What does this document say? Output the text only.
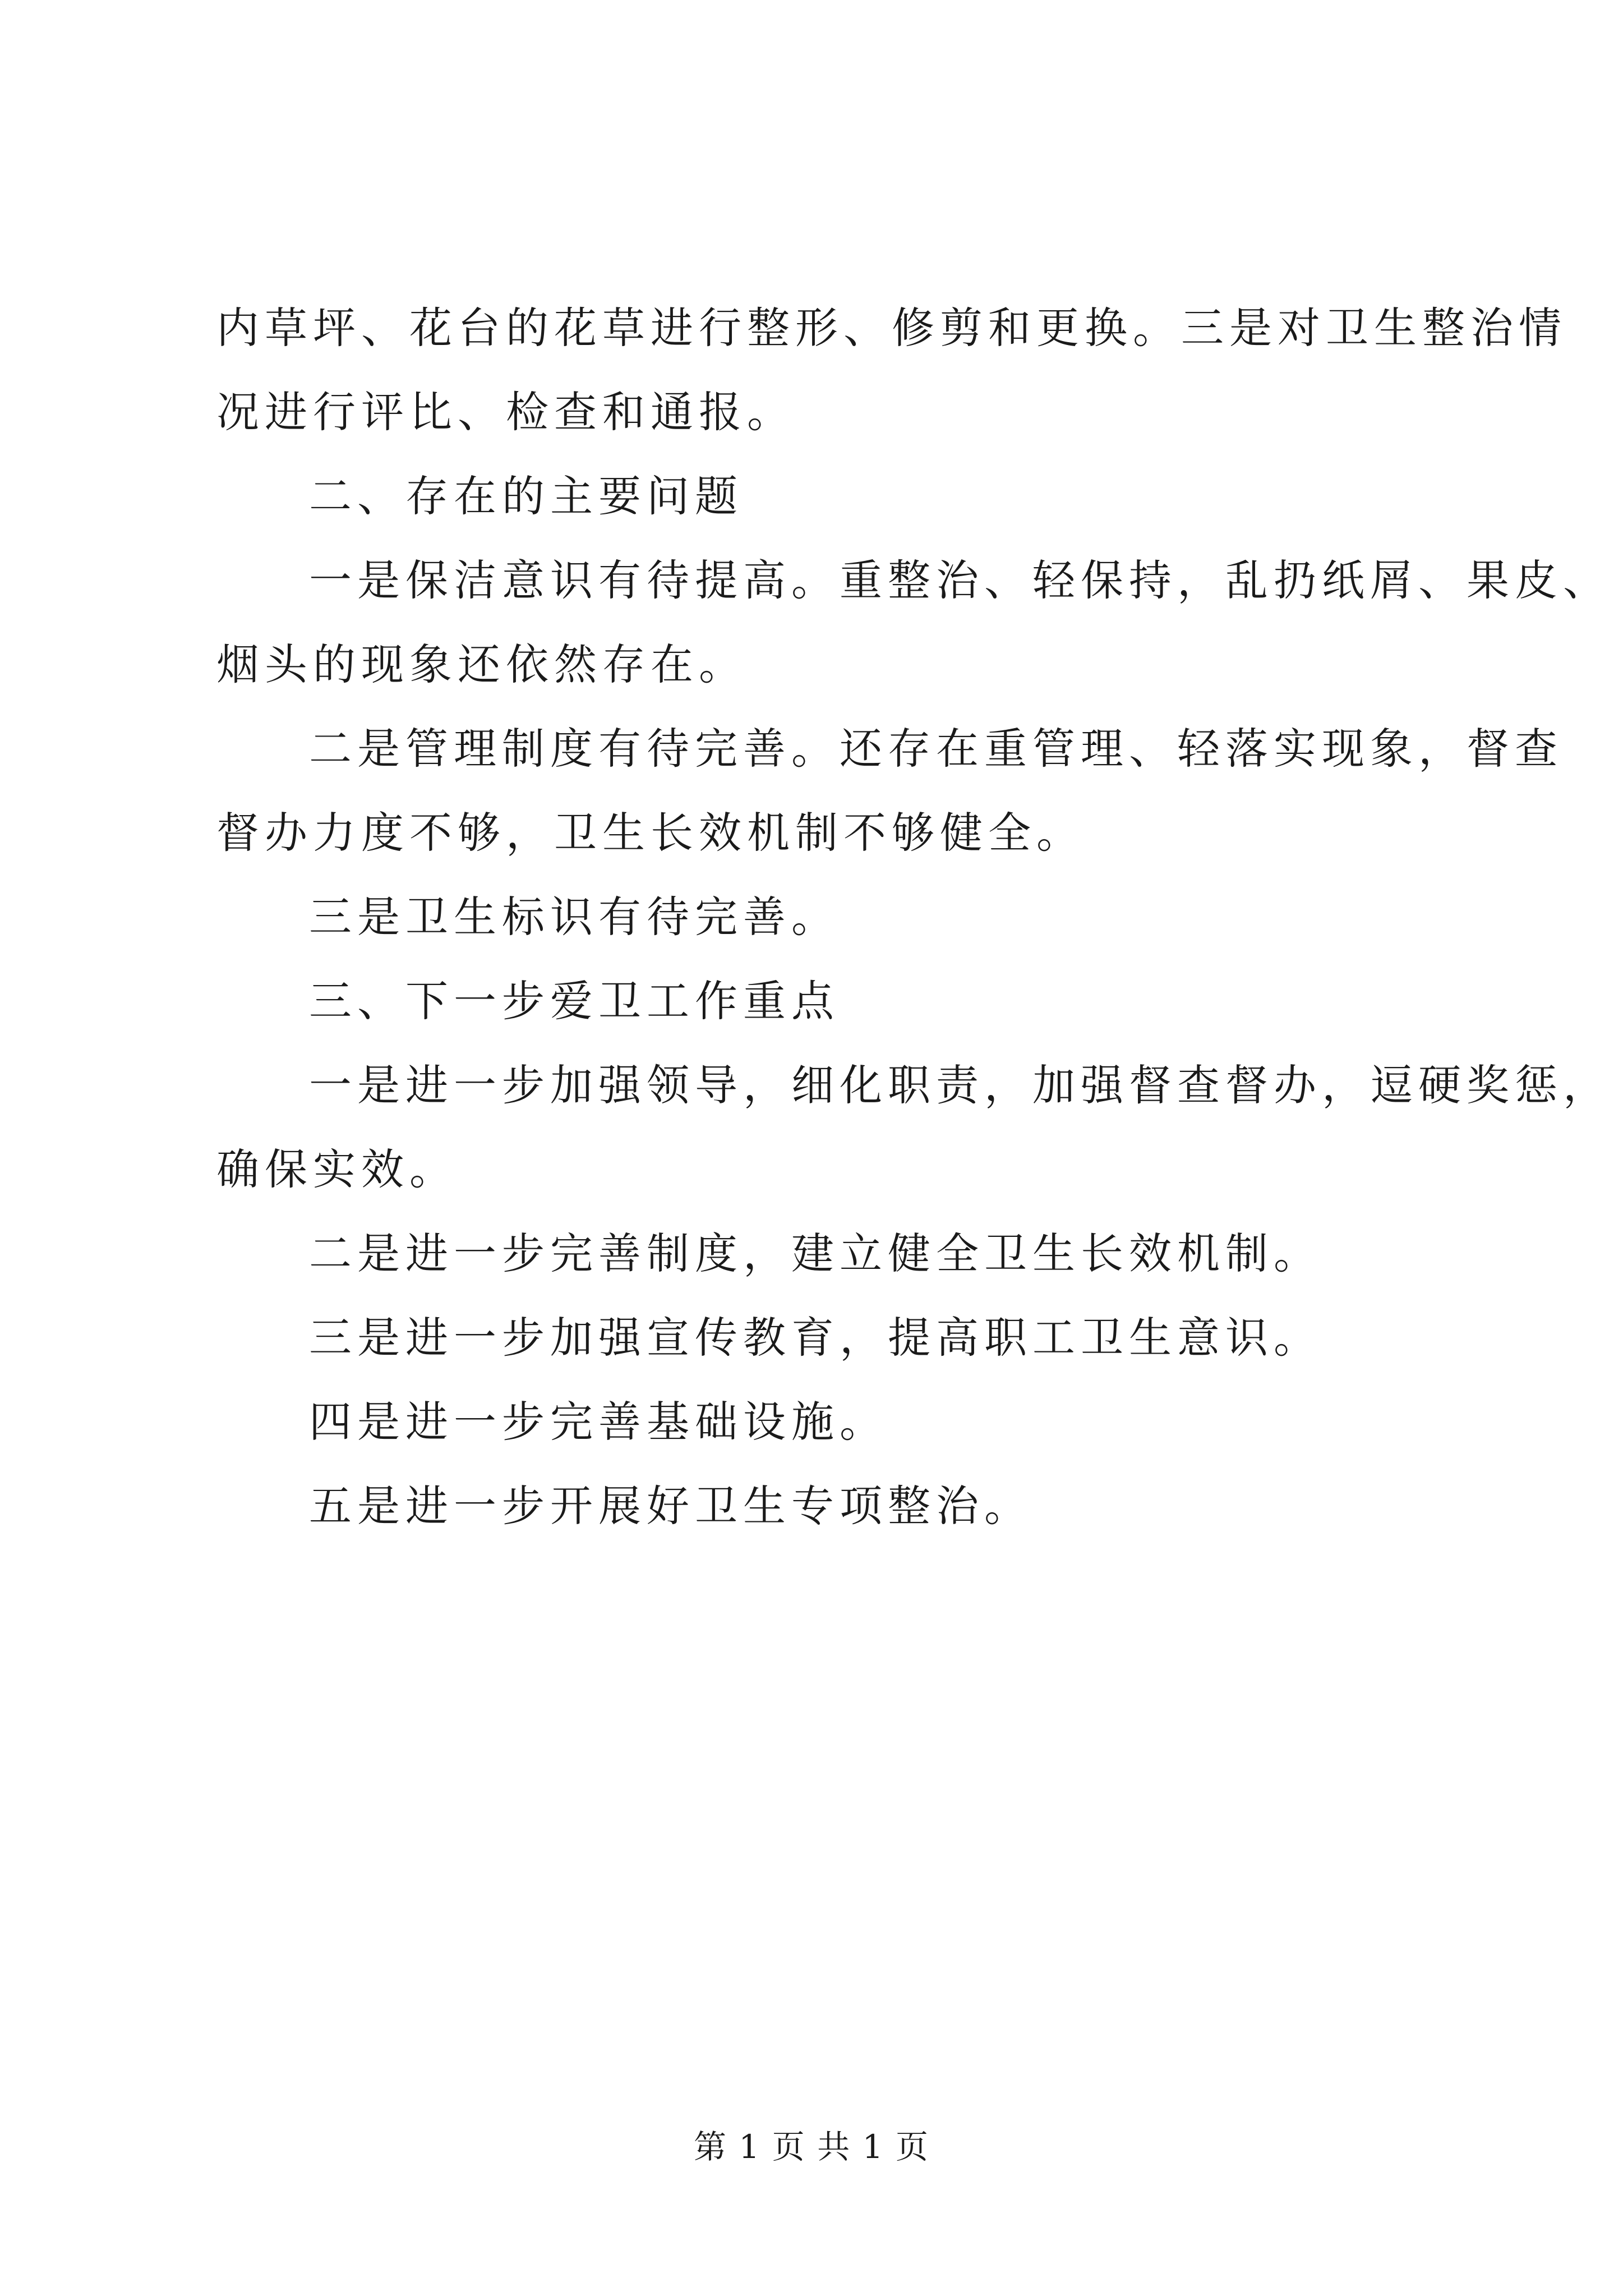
内草坪、花台的花草进行整形、修剪和更换。三是对卫生整治情
况进行评比、检查和通报。
二、存在的主要问题
一是保洁意识有待提高。重整治、轻保持，乱扔纸屑、果皮、
烟头的现象还依然存在。
二是管理制度有待完善。还存在重管理、轻落实现象，督查
督办力度不够，卫生长效机制不够健全。
三是卫生标识有待完善。
三、下一步爱卫工作重点
一是进一步加强领导，细化职责，加强督查督办，逗硬奖惩，
确保实效。
二是进一步完善制度，建立健全卫生长效机制。
三是进一步加强宣传教育，提高职工卫生意识。
四是进一步完善基础设施。
五是进一步开展好卫生专项整治。
第 1 页 共 1 页
